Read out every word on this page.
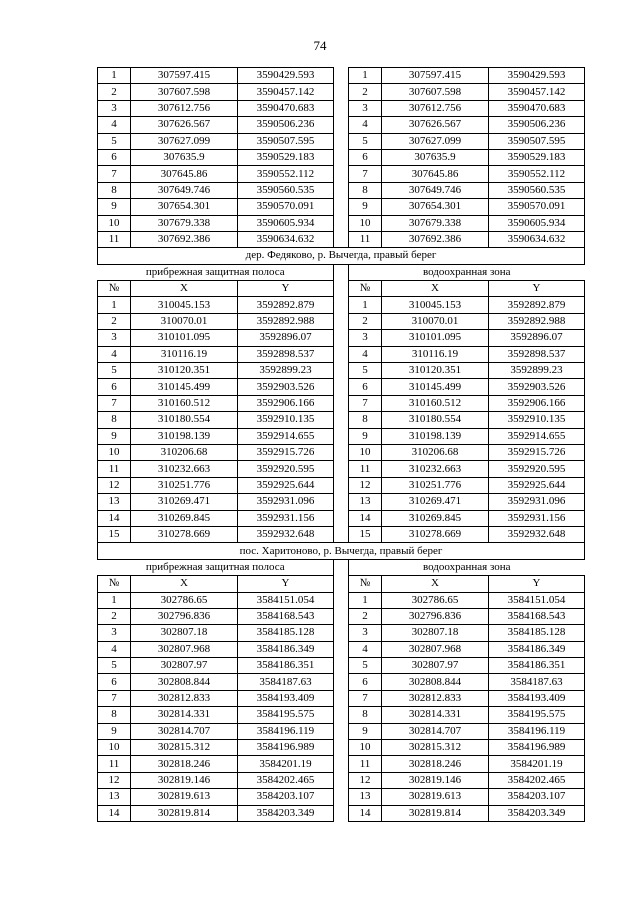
74
1	307597.415	3590429.593		1	307597.415	3590429.593
2	307607.598	3590457.142		2	307607.598	3590457.142
3	307612.756	3590470.683		3	307612.756	3590470.683
4	307626.567	3590506.236		4	307626.567	3590506.236
5	307627.099	3590507.595		5	307627.099	3590507.595
6	307635.9	3590529.183		6	307635.9	3590529.183
7	307645.86	3590552.112		7	307645.86	3590552.112
8	307649.746	3590560.535		8	307649.746	3590560.535
9	307654.301	3590570.091		9	307654.301	3590570.091
10	307679.338	3590605.934		10	307679.338	3590605.934
11	307692.386	3590634.632		11	307692.386	3590634.632
дер. Федяково, р. Вычегда, правый берег						
прибрежная защитная полоса				водоохранная зона		
№	X	Y		№	X	Y
1	310045.153	3592892.879		1	310045.153	3592892.879
2	310070.01	3592892.988		2	310070.01	3592892.988
3	310101.095	3592896.07		3	310101.095	3592896.07
4	310116.19	3592898.537		4	310116.19	3592898.537
5	310120.351	3592899.23		5	310120.351	3592899.23
6	310145.499	3592903.526		6	310145.499	3592903.526
7	310160.512	3592906.166		7	310160.512	3592906.166
8	310180.554	3592910.135		8	310180.554	3592910.135
9	310198.139	3592914.655		9	310198.139	3592914.655
10	310206.68	3592915.726		10	310206.68	3592915.726
11	310232.663	3592920.595		11	310232.663	3592920.595
12	310251.776	3592925.644		12	310251.776	3592925.644
13	310269.471	3592931.096		13	310269.471	3592931.096
14	310269.845	3592931.156		14	310269.845	3592931.156
15	310278.669	3592932.648		15	310278.669	3592932.648
пос. Харитоново, р. Вычегда, правый берег						
прибрежная защитная полоса				водоохранная зона		
№	X	Y		№	X	Y
1	302786.65	3584151.054		1	302786.65	3584151.054
2	302796.836	3584168.543		2	302796.836	3584168.543
3	302807.18	3584185.128		3	302807.18	3584185.128
4	302807.968	3584186.349		4	302807.968	3584186.349
5	302807.97	3584186.351		5	302807.97	3584186.351
6	302808.844	3584187.63		6	302808.844	3584187.63
7	302812.833	3584193.409		7	302812.833	3584193.409
8	302814.331	3584195.575		8	302814.331	3584195.575
9	302814.707	3584196.119		9	302814.707	3584196.119
10	302815.312	3584196.989		10	302815.312	3584196.989
11	302818.246	3584201.19		11	302818.246	3584201.19
12	302819.146	3584202.465		12	302819.146	3584202.465
13	302819.613	3584203.107		13	302819.613	3584203.107
14	302819.814	3584203.349		14	302819.814	3584203.349
